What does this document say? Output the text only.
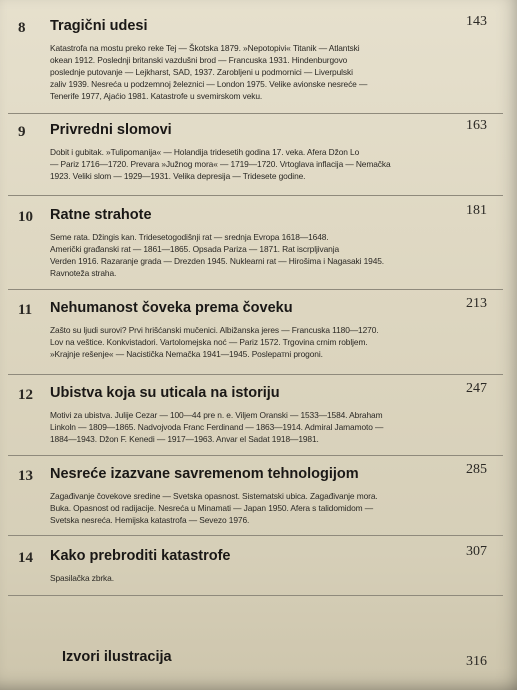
8 Tragični udesi	143
Katastrofa na mostu preko reke Tej — Škotska 1879. »Nepotopivi« Titanik — Atlantski
okean 1912. Poslednji britanski vazdušni brod — Francuska 1931. Hindenburgovo
poslednje putovanje — Lejkharst, SAD, 1937. Zarobljeni u podmornici — Liverpulski
zaliv 1939. Nesreća u podzemnoj železnici — London 1975. Velike avionske nesreće —
Tenerife 1977, Ajaćio 1981. Katastrofe u svemirskom veku.
9 Privredni slomovi	163
Dobit i gubitak. »Tulipomanija« — Holandija tridesetih godina 17. veka. Afera Džon Lo
— Pariz 1716—1720. Prevara »Južnog mora« — 1719—1720. Vrtoglava inflacija — Nemačka
1923. Veliki slom — 1929—1931. Velika depresija — Tridesete godine.
10 Ratne strahote	181
Seme rata. Džingis kan. Tridesetogodišnji rat — srednja Evropa 1618—1648.
Američki građanski rat — 1861—1865. Opsada Pariza — 1871. Rat iscrpljivanja
Verden 1916. Razaranje grada — Drezden 1945. Nuklearni rat — Hirošima i Nagasaki 1945.
Ravnoteža straha.
11 Nehumanost čoveka prema čoveku	213
Zašto su ljudi surovi? Prvi hrišćanski mučenici. Albižanska jeres — Francuska 1180—1270.
Lov na veštice. Konkvistadori. Vartolomejska noć — Pariz 1572. Trgovina crnim robljem.
»Krajnje rešenje« — Nacistička Nemačka 1941—1945. Poslератni progoni.
12 Ubistva koja su uticala na istoriju	247
Motivi za ubistva. Julije Cezar — 100—44 pre n. e. Viljem Oranski — 1533—1584. Abraham
Linkoln — 1809—1865. Nadvojvoda Franc Ferdinand — 1863—1914. Admiral Jamamoto —
1884—1943. Džon F. Kenedi — 1917—1963. Anvar el Sadat 1918—1981.
13 Nesreće izazvane savremenom tehnologijom	285
Zagađivanje čovekove sredine — Svetska opasnost. Sistematski ubica. Zagađivanje mora.
Buka. Opasnost od radijacije. Nesreća u Minamati — Japan 1950. Afera s talidomidom —
Svetska nesreća. Hemijska katastrofa — Sevezo 1976.
14 Kako prebroditi katastrofe	307
Spasilačka zbrka.
Izvori ilustracija	316
